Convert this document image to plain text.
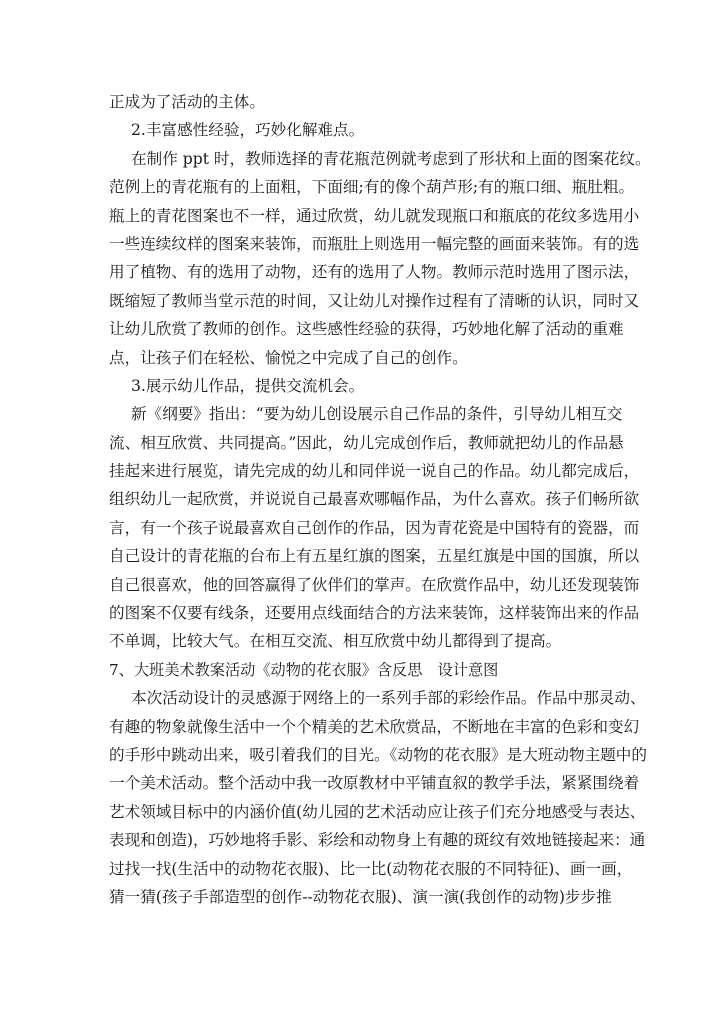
正成为了活动的主体。
2.丰富感性经验，巧妙化解难点。
在制作 ppt 时，教师选择的青花瓶范例就考虑到了形状和上面的图案花纹。
范例上的青花瓶有的上面粗，下面细;有的像个葫芦形;有的瓶口细、瓶肚粗。
瓶上的青花图案也不一样，通过欣赏，幼儿就发现瓶口和瓶底的花纹多选用小
一些连续纹样的图案来装饰，而瓶肚上则选用一幅完整的画面来装饰。有的选
用了植物、有的选用了动物，还有的选用了人物。教师示范时选用了图示法，
既缩短了教师当堂示范的时间，又让幼儿对操作过程有了清晰的认识，同时又
让幼儿欣赏了教师的创作。这些感性经验的获得，巧妙地化解了活动的重难
点，让孩子们在轻松、愉悦之中完成了自己的创作。
3.展示幼儿作品，提供交流机会。
新《纲要》指出：“要为幼儿创设展示自己作品的条件，引导幼儿相互交
流、相互欣赏、共同提高。”因此，幼儿完成创作后，教师就把幼儿的作品悬
挂起来进行展览，请先完成的幼儿和同伴说一说自己的作品。幼儿都完成后，
组织幼儿一起欣赏，并说说自己最喜欢哪幅作品，为什么喜欢。孩子们畅所欲
言，有一个孩子说最喜欢自己创作的作品，因为青花瓷是中国特有的瓷器，而
自己设计的青花瓶的台布上有五星红旗的图案，五星红旗是中国的国旗，所以
自己很喜欢，他的回答赢得了伙伴们的掌声。在欣赏作品中，幼儿还发现装饰
的图案不仅要有线条，还要用点线面结合的方法来装饰，这样装饰出来的作品
不单调，比较大气。在相互交流、相互欣赏中幼儿都得到了提高。
7、大班美术教案活动《动物的花衣服》含反思　设计意图
本次活动设计的灵感源于网络上的一系列手部的彩绘作品。作品中那灵动、
有趣的物象就像生活中一个个精美的艺术欣赏品，不断地在丰富的色彩和变幻
的手形中跳动出来，吸引着我们的目光。《动物的花衣服》是大班动物主题中的
一个美术活动。整个活动中我一改原教材中平铺直叙的教学手法，紧紧围绕着
艺术领域目标中的内涵价值(幼儿园的艺术活动应让孩子们充分地感受与表达、
表现和创造)，巧妙地将手影、彩绘和动物身上有趣的斑纹有效地链接起来：通
过找一找(生活中的动物花衣服)、比一比(动物花衣服的不同特征)、画一画，
猜一猜(孩子手部造型的创作--动物花衣服)、演一演(我创作的动物)步步推
